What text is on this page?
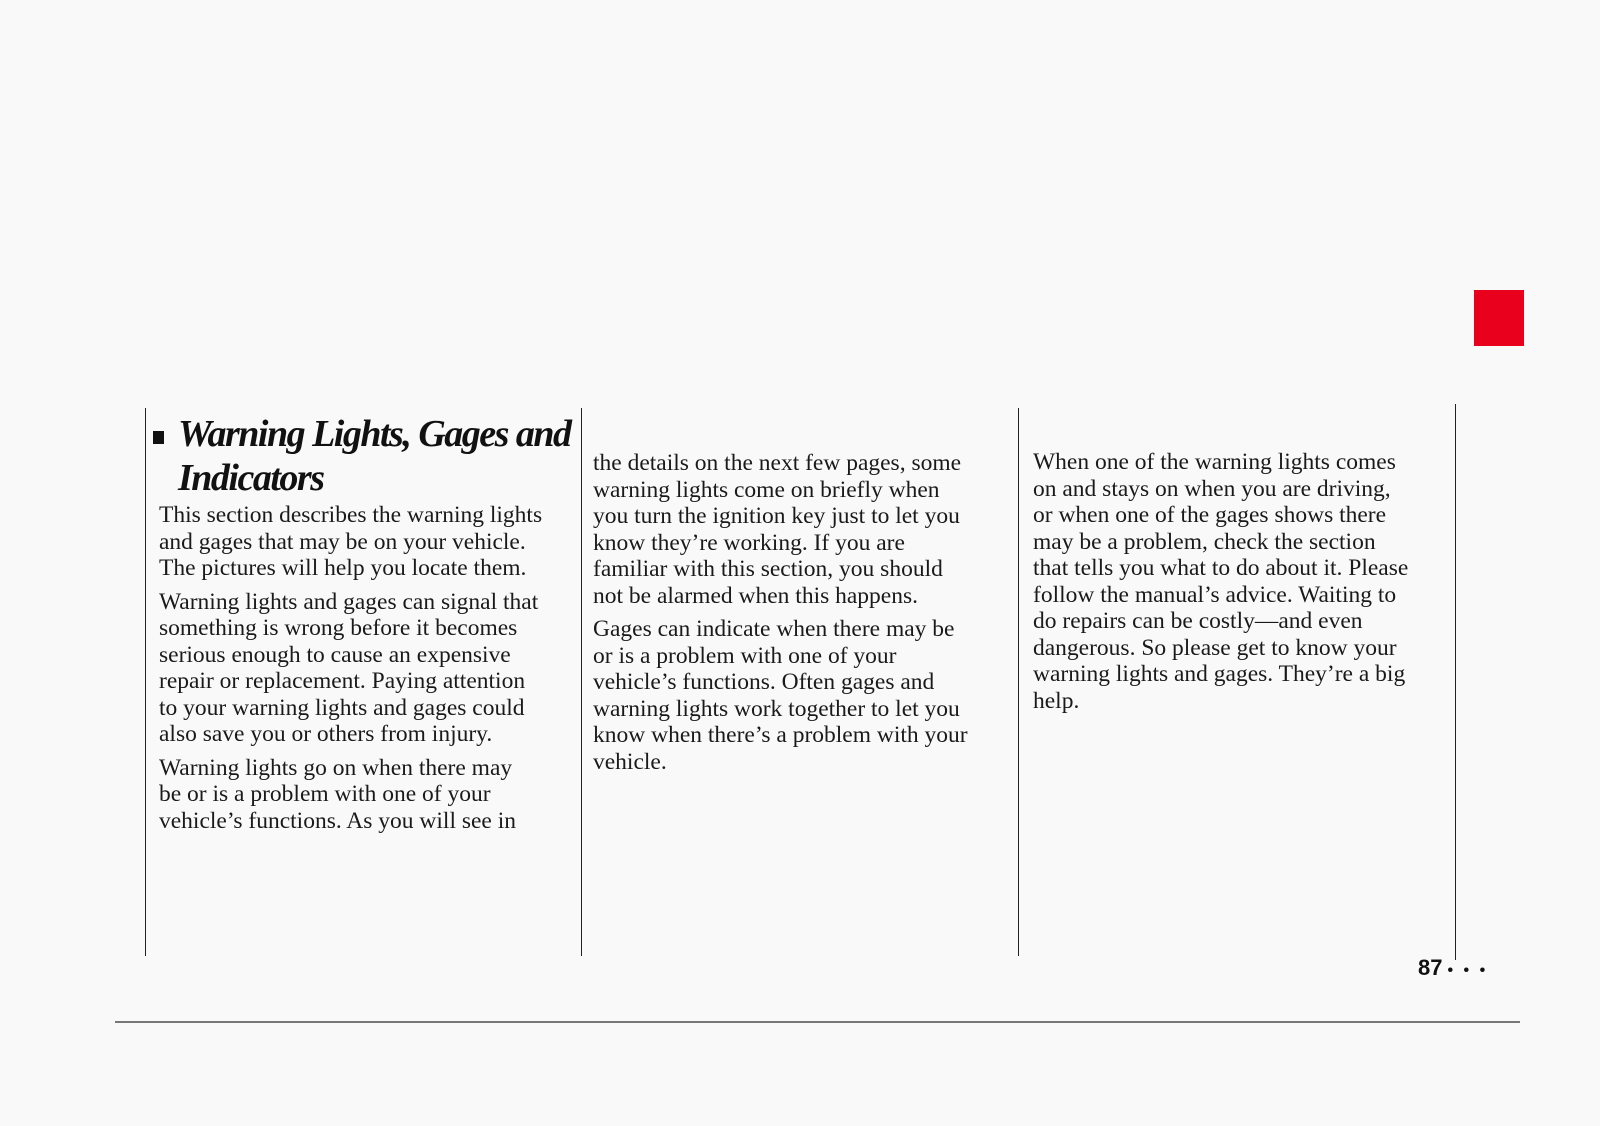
Warning Lights, Gages and
Indicators

This section describes the warning lights
and gages that may be on your vehicle.
The pictures will help you locate them.

Warning lights and gages can signal that
something is wrong before it becomes
serious enough to cause an expensive
repair or replacement. Paying attention
to your warning lights and gages could
also save you or others from injury.

Warning lights go on when there may
be or is a problem with one of your
vehicle’s functions. As you will see in

the details on the next few pages, some
warning lights come on briefly when
you turn the ignition key just to let you
know they’re working. If you are
familiar with this section, you should
not be alarmed when this happens.

Gages can indicate when there may be
or is a problem with one of your
vehicle’s functions. Often gages and
warning lights work together to let you
know when there’s a problem with your
vehicle.

When one of the warning lights comes
on and stays on when you are driving,
or when one of the gages shows there
may be a problem, check the section
that tells you what to do about it. Please
follow the manual’s advice. Waiting to
do repairs can be costly—and even
dangerous. So please get to know your
warning lights and gages. They’re a big
help.

87 • • •
